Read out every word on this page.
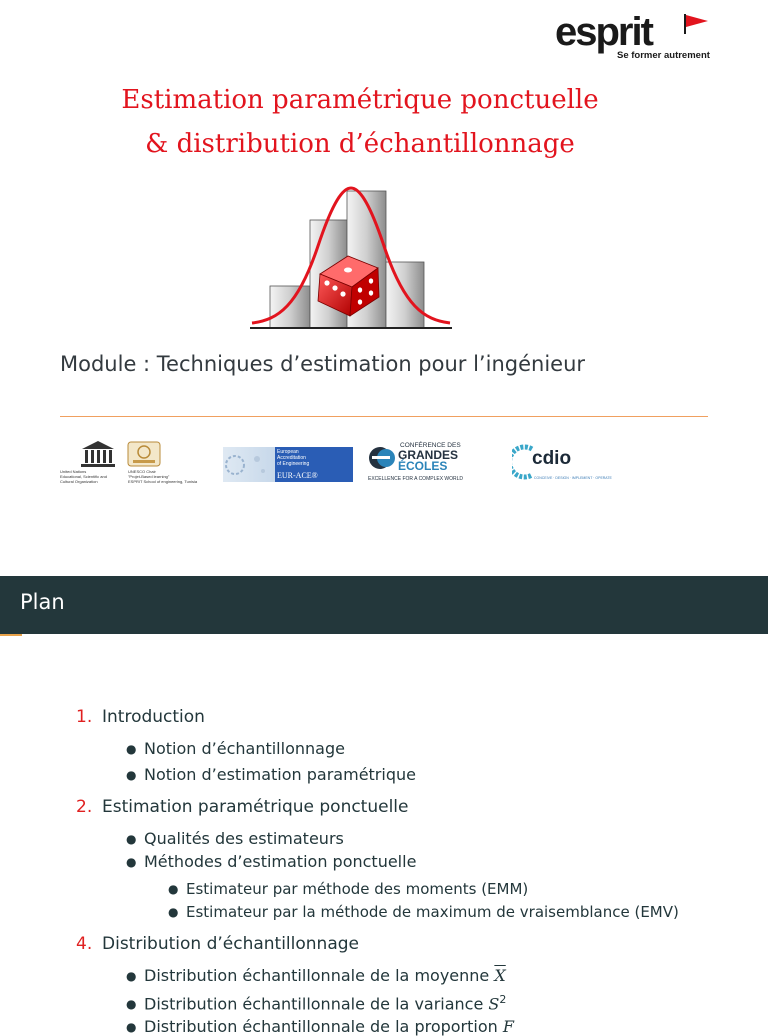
esprit
Se former autrement
Estimation paramétrique ponctuelle
& distribution d’échantillonnage
Module : Techniques d’estimation pour l’ingénieur
United Nations
Educational, Scientific and
Cultural Organization
UNESCO Chair
"Projet-Based learning"
ESPRIT School of engineering, Tunisia
European
Accreditation
of Engineering
EUR-ACE®
CONFÉRENCE DES
GRANDES
ÉCOLES
EXCELLENCE FOR A COMPLEX WORLD
cdio
CONCEIVE · DESIGN · IMPLEMENT · OPERATE
Plan
1. Introduction
● Notion d’échantillonnage
● Notion d’estimation paramétrique
2. Estimation paramétrique ponctuelle
● Qualités des estimateurs
● Méthodes d’estimation ponctuelle
● Estimateur par méthode des moments (EMM)
● Estimateur par la méthode de maximum de vraisemblance (EMV)
4. Distribution d’échantillonnage
● Distribution échantillonnale de la moyenne $\overline{X}$
● Distribution échantillonnale de la variance $S^2$
● Distribution échantillonnale de la proportion F
